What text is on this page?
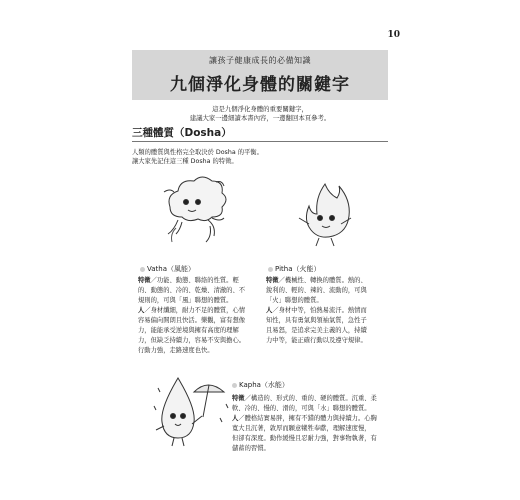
10
讓孩子健康成長的必備知識
九個淨化身體的關鍵字
這是九個淨化身體的重要關鍵字，
建議大家一邊細讀本書內容，一邊翻回本頁參考。
三種體質（Dosha）
人類的體質與性格完全取決於 Dosha 的平衡。
讓大家先記住這三種 Dosha 的特徵。
Vatha（風能）	Pitha（火能）
特徵／功能、動態、聯絡的性質。輕
的、動態的、冷的、乾燥、清澈的、不
規則的，可與「風」聯想的體質。
人／身材纖細，耐力不足的體質，心情
容易偏向開朗且快活。樂觀，富有想像
力，能能承受逆境與擁有高度的理解
力，但缺乏持續力，容易不安與擔心。
行動力強，走路速度也快。
特徵／機械性、轉換的體質。熱的、
銳利的、輕的、辣的、流動的，可與
「火」聯想的體質。
人／身材中等，怕熱易流汗。熱情而
知性，具有勇氣與領袖氣質，急性子
且易怒，是追求完美主義的人，持續
力中等，能正確行動以及遵守規律。
Kapha（水能）
特徵／構造的、形式的、重的、硬的體質。沉重、柔
軟、冷的、慢的、滑的，可與「水」聯想的體質。
人／體格結實易胖，擁有不錯的體力與持續力。心胸
寬大且沉著，敦厚而願意犧牲奉獻，理解速度慢，
但卻有深度。動作緩慢且忍耐力強，對事物執著，有
儲蓄的習慣。
